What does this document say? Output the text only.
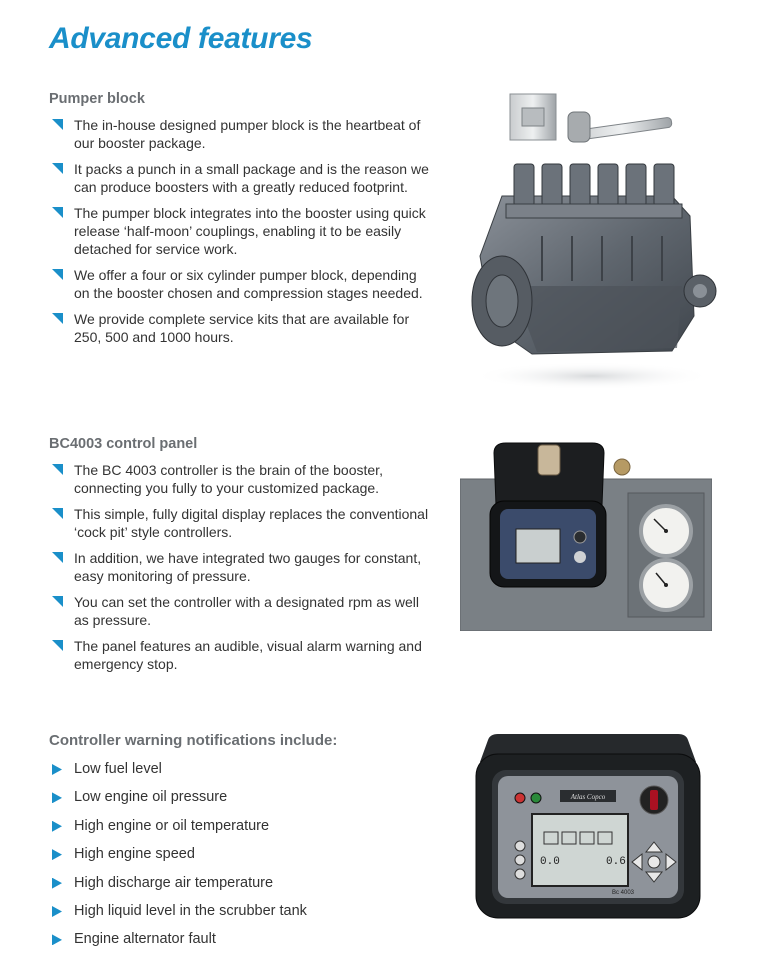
Advanced features
Pumper block
The in-house designed pumper block is the heartbeat of our booster package.
It packs a punch in a small package and is the reason we can produce boosters with a greatly reduced footprint.
The pumper block integrates into the booster using quick release ‘half-moon’ couplings, enabling it to be easily detached for service work.
We offer a four or six cylinder pumper block, depending on the booster chosen and compression stages needed.
We provide complete service kits that are available for 250, 500 and 1000 hours.
BC4003 control panel
The BC 4003 controller is the brain of the booster, connecting you fully to your customized package.
This simple, fully digital display replaces the conventional ‘cock pit’ style controllers.
In addition, we have integrated two gauges for constant, easy monitoring of pressure.
You can set the controller with a designated rpm as well as pressure.
The panel features an audible, visual alarm warning and emergency stop.
Controller warning notifications include:
Low fuel level
Low engine oil pressure
High engine or oil temperature
High engine speed
High discharge air temperature
High liquid level in the scrubber tank
Engine alternator fault
Atlas Copco
0.0	0.6
Bc 4003
